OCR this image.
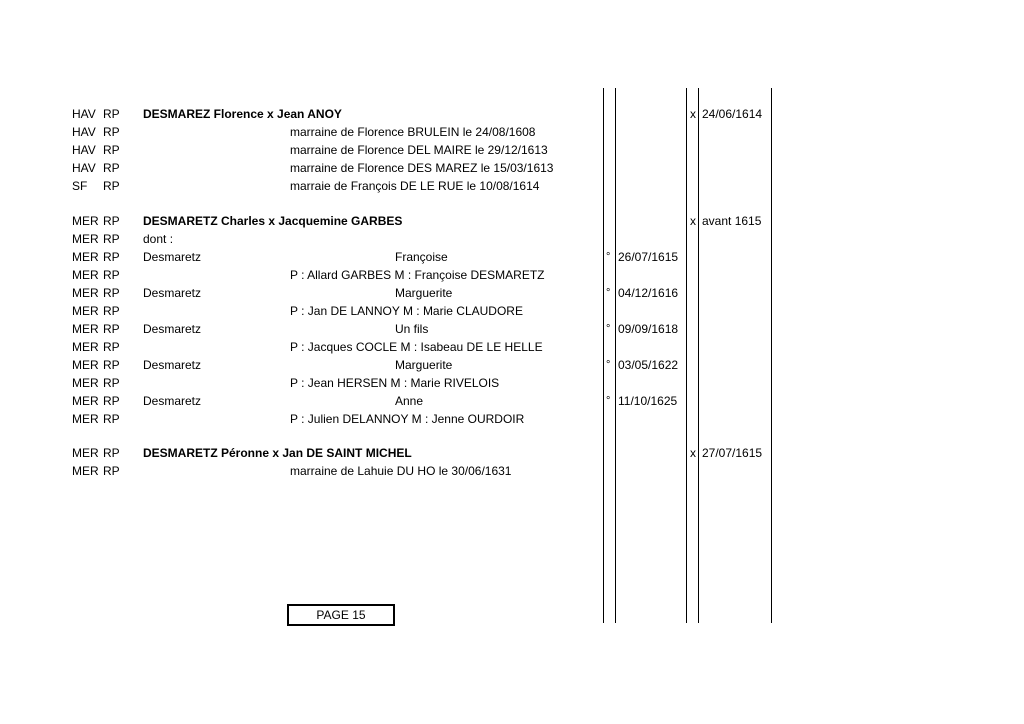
HAV RP DESMAREZ Florence x Jean ANOY	x 24/06/1614
HAV RP	marraine de Florence BRULEIN le 24/08/1608
HAV RP	marraine de Florence DEL MAIRE le 29/12/1613
HAV RP	marraine de Florence DES MAREZ le 15/03/1613
SF RP	marraie de François DE LE RUE le 10/08/1614
MER RP DESMARETZ Charles x Jacquemine GARBES	x avant 1615
MER RP dont :
MER RP Desmaretz	Françoise	° 26/07/1615
MER RP	P : Allard GARBES M : Françoise DESMARETZ
MER RP Desmaretz	Marguerite	° 04/12/1616
MER RP	P : Jan DE LANNOY M : Marie CLAUDORE
MER RP Desmaretz	Un fils	° 09/09/1618
MER RP	P : Jacques COCLE M : Isabeau DE LE HELLE
MER RP Desmaretz	Marguerite	° 03/05/1622
MER RP	P : Jean HERSEN M : Marie RIVELOIS
MER RP Desmaretz	Anne	° 11/10/1625
MER RP	P : Julien DELANNOY M : Jenne OURDOIR
MER RP DESMARETZ Péronne x Jan DE SAINT MICHEL	x 27/07/1615
MER RP	marraine de Lahuie DU HO le 30/06/1631
PAGE 15
